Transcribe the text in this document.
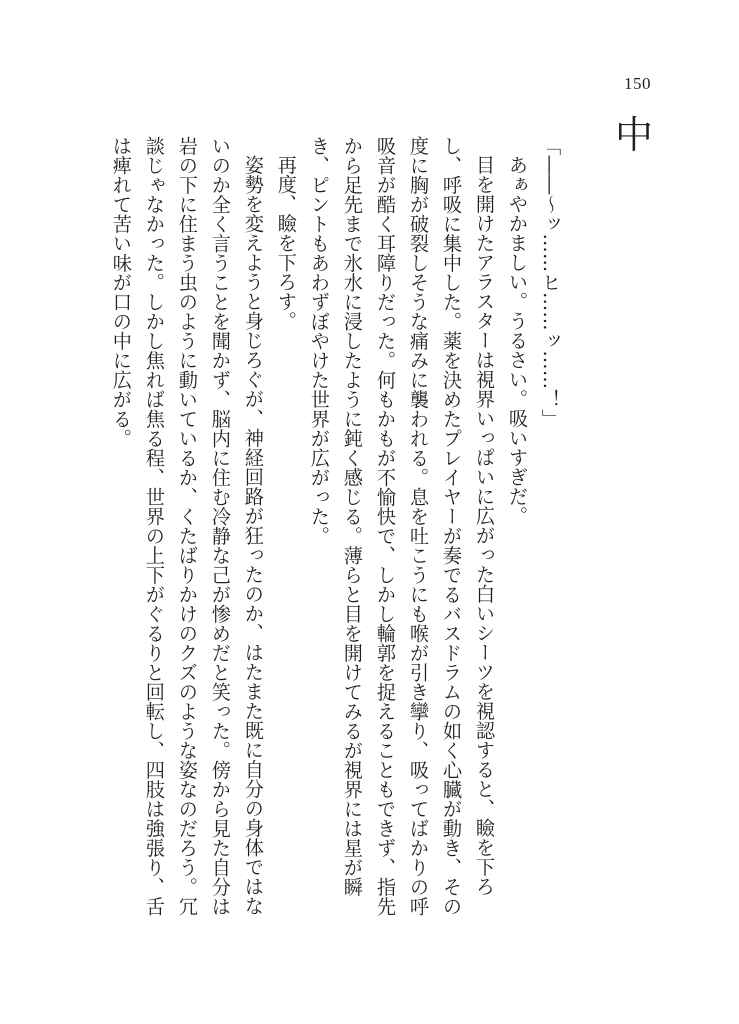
150
中

「――～ッ……ヒ……ッ……！」

あぁやかましい。うるさい。吸いすぎだ。

目を開けたアラスターは視界いっぱいに広がった白いシーツを視認すると、瞼を下ろし、呼吸に集中した。薬を決めたプレイヤーが奏でるバスドラムの如く心臓が動き、その度に胸が破裂しそうな痛みに襲われる。息を吐こうにも喉が引き攣り、吸ってばかりの呼吸音が酷く耳障りだった。何もかもが不愉快で、しかし輪郭を捉えることもできず、指先から足先まで氷水に浸したように鈍く感じる。薄らと目を開けてみるが視界には星が瞬き、ピントもあわずぼやけた世界が広がった。

再度、瞼を下ろす。

姿勢を変えようと身じろぐが、神経回路が狂ったのか、はたまた既に自分の身体ではないのか全く言うことを聞かず、脳内に住む冷静な己が惨めだと笑った。傍から見た自分は岩の下に住まう虫のように動いているか、くたばりかけのクズのような姿なのだろう。冗談じゃなかった。しかし焦れば焦る程、世界の上下がぐるりと回転し、四肢は強張り、舌は痺れて苦い味が口の中に広がる。
